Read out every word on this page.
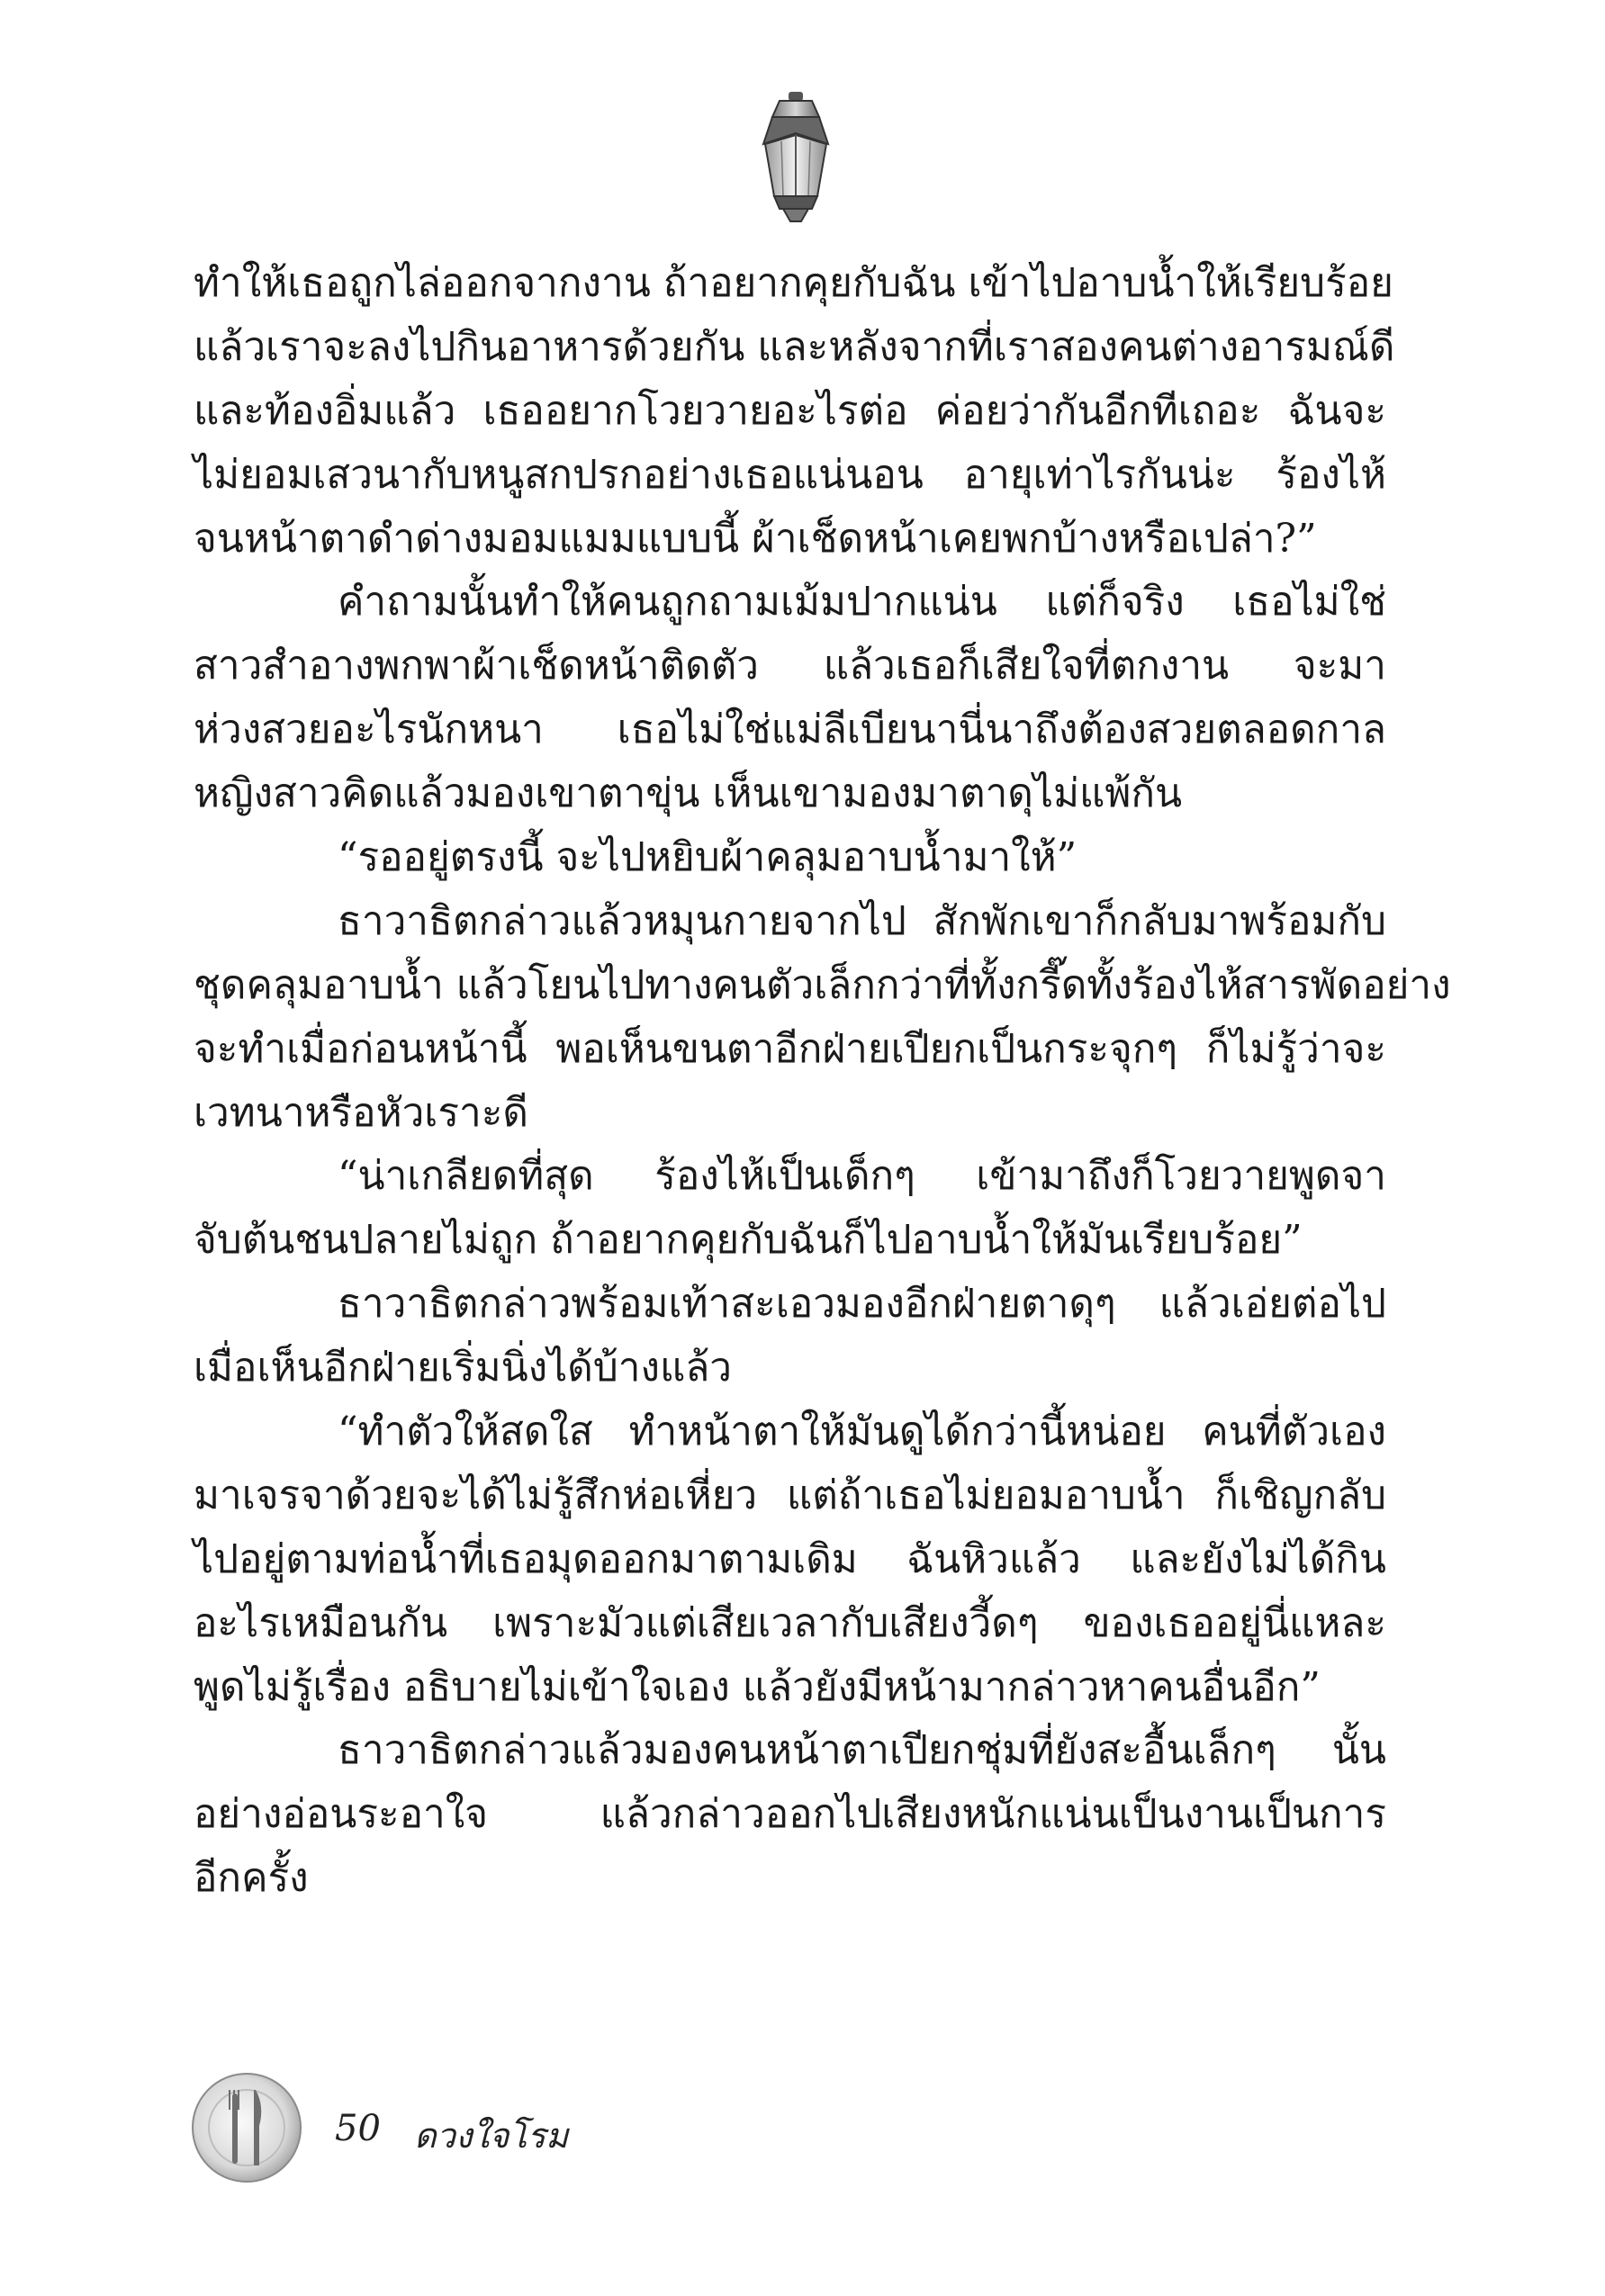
ทำให้เธอถูกไล่ออกจากงาน ถ้าอยากคุยกับฉัน เข้าไปอาบน้ำให้เรียบร้อย
แล้วเราจะลงไปกินอาหารด้วยกัน และหลังจากที่เราสองคนต่างอารมณ์ดี
และท้องอิ่มแล้ว เธออยากโวยวายอะไรต่อ ค่อยว่ากันอีกทีเถอะ ฉันจะ
ไม่ยอมเสวนากับหนูสกปรกอย่างเธอแน่นอน อายุเท่าไรกันน่ะ ร้องไห้
จนหน้าตาดำด่างมอมแมมแบบนี้ ผ้าเช็ดหน้าเคยพกบ้างหรือเปล่า?”
คำถามนั้นทำให้คนถูกถามเม้มปากแน่น แต่ก็จริง เธอไม่ใช่
สาวสำอางพกพาผ้าเช็ดหน้าติดตัว แล้วเธอก็เสียใจที่ตกงาน จะมา
ห่วงสวยอะไรนักหนา เธอไม่ใช่แม่ลีเบียนานี่นาถึงต้องสวยตลอดกาล
หญิงสาวคิดแล้วมองเขาตาขุ่น เห็นเขามองมาตาดุไม่แพ้กัน
“รออยู่ตรงนี้ จะไปหยิบผ้าคลุมอาบน้ำมาให้”
ธาวาธิตกล่าวแล้วหมุนกายจากไป สักพักเขาก็กลับมาพร้อมกับ
ชุดคลุมอาบน้ำ แล้วโยนไปทางคนตัวเล็กกว่าที่ทั้งกรี๊ดทั้งร้องไห้สารพัดอย่าง
จะทำเมื่อก่อนหน้านี้ พอเห็นขนตาอีกฝ่ายเปียกเป็นกระจุกๆ ก็ไม่รู้ว่าจะ
เวทนาหรือหัวเราะดี
“น่าเกลียดที่สุด ร้องไห้เป็นเด็กๆ เข้ามาถึงก็โวยวายพูดจา
จับต้นชนปลายไม่ถูก ถ้าอยากคุยกับฉันก็ไปอาบน้ำให้มันเรียบร้อย”
ธาวาธิตกล่าวพร้อมเท้าสะเอวมองอีกฝ่ายตาดุๆ แล้วเอ่ยต่อไป
เมื่อเห็นอีกฝ่ายเริ่มนิ่งได้บ้างแล้ว
“ทำตัวให้สดใส ทำหน้าตาให้มันดูได้กว่านี้หน่อย คนที่ตัวเอง
มาเจรจาด้วยจะได้ไม่รู้สึกห่อเหี่ยว แต่ถ้าเธอไม่ยอมอาบน้ำ ก็เชิญกลับ
ไปอยู่ตามท่อน้ำที่เธอมุดออกมาตามเดิม ฉันหิวแล้ว และยังไม่ได้กิน
อะไรเหมือนกัน เพราะมัวแต่เสียเวลากับเสียงวี้ดๆ ของเธออยู่นี่แหละ
พูดไม่รู้เรื่อง อธิบายไม่เข้าใจเอง แล้วยังมีหน้ามากล่าวหาคนอื่นอีก”
ธาวาธิตกล่าวแล้วมองคนหน้าตาเปียกชุ่มที่ยังสะอื้นเล็กๆ นั้น
อย่างอ่อนระอาใจ แล้วกล่าวออกไปเสียงหนักแน่นเป็นงานเป็นการ
อีกครั้ง
50 ดวงใจโรม
